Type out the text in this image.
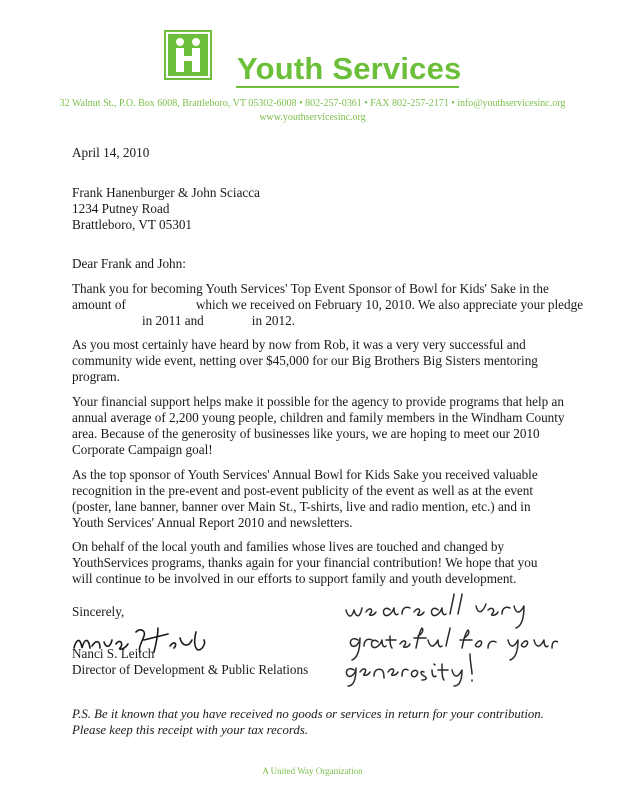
Youth Services
32 Walnut St., P.O. Box 6008, Brattleboro, VT 05302-6008 • 802-257-0361 • FAX 802-257-2171 • info@youthservicesinc.org
www.youthservicesinc.org
April 14, 2010
Frank Hanenburger & John Sciacca
1234 Putney Road
Brattleboro, VT 05301
Dear Frank and John:
Thank you for becoming Youth Services' Top Event Sponsor of Bowl for Kids' Sake in the
amount of	which we received on February 10, 2010. We also appreciate your pledge
in 2011 and	in 2012.
As you most certainly have heard by now from Rob, it was a very very successful and
community wide event, netting over $45,000 for our Big Brothers Big Sisters mentoring
program.
Your financial support helps make it possible for the agency to provide programs that help an
annual average of 2,200 young people, children and family members in the Windham County
area. Because of the generosity of businesses like yours, we are hoping to meet our 2010
Corporate Campaign goal!
As the top sponsor of Youth Services' Annual Bowl for Kids Sake you received valuable
recognition in the pre-event and post-event publicity of the event as well as at the event
(poster, lane banner, banner over Main St., T-shirts, live and radio mention, etc.) and in
Youth Services' Annual Report 2010 and newsletters.
On behalf of the local youth and families whose lives are touched and changed by
YouthServices programs, thanks again for your financial contribution! We hope that you
will continue to be involved in our efforts to support family and youth development.
Sincerely,
Nanci S. Leitch
Director of Development & Public Relations
P.S. Be it known that you have received no goods or services in return for your contribution.
Please keep this receipt with your tax records.
A United Way Organization
